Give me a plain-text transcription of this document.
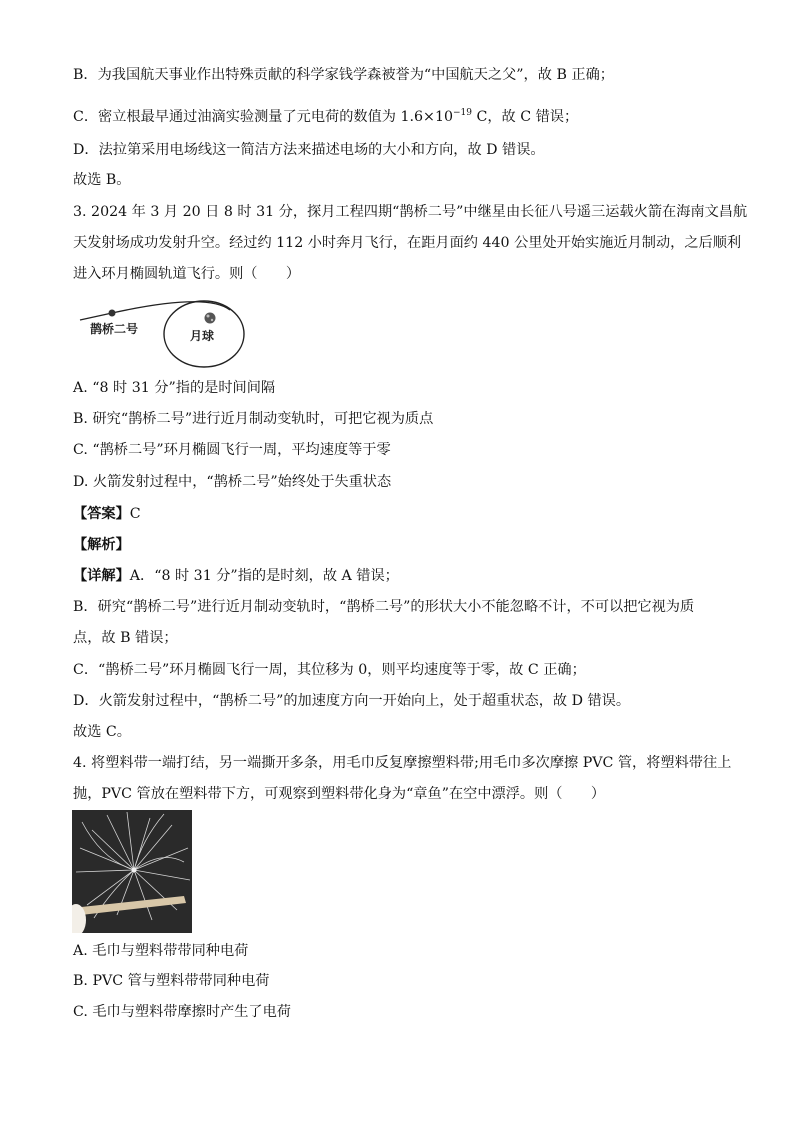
B．为我国航天事业作出特殊贡献的科学家钱学森被誉为“中国航天之父”，故 B 正确；
C．密立根最早通过油滴实验测量了元电荷的数值为 $1.6\times 10^{-19}$ C，故 C 错误；
D．法拉第采用电场线这一简洁方法来描述电场的大小和方向，故 D 错误。
故选 B。
3. 2024 年 3 月 20 日 8 时 31 分，探月工程四期“鹊桥二号”中继星由长征八号遥三运载火箭在海南文昌航
天发射场成功发射升空。经过约 112 小时奔月飞行，在距月面约 440 公里处开始实施近月制动，之后顺利
进入环月椭圆轨道飞行。则（　　）
鹊桥二号	月球
A. “8 时 31 分”指的是时间间隔
B. 研究“鹊桥二号”进行近月制动变轨时，可把它视为质点
C. “鹊桥二号”环月椭圆飞行一周，平均速度等于零
D. 火箭发射过程中，“鹊桥二号”始终处于失重状态
【答案】C
【解析】
【详解】A．“8 时 31 分”指的是时刻，故 A 错误；
B．研究“鹊桥二号”进行近月制动变轨时，“鹊桥二号”的形状大小不能忽略不计，不可以把它视为质
点，故 B 错误；
C．“鹊桥二号”环月椭圆飞行一周，其位移为 0，则平均速度等于零，故 C 正确；
D．火箭发射过程中，“鹊桥二号”的加速度方向一开始向上，处于超重状态，故 D 错误。
故选 C。
4. 将塑料带一端打结，另一端撕开多条，用毛巾反复摩擦塑料带;用毛巾多次摩擦 PVC 管，将塑料带往上
抛，PVC 管放在塑料带下方，可观察到塑料带化身为“章鱼”在空中漂浮。则（　　）
A. 毛巾与塑料带带同种电荷
B. PVC 管与塑料带带同种电荷
C. 毛巾与塑料带摩擦时产生了电荷
